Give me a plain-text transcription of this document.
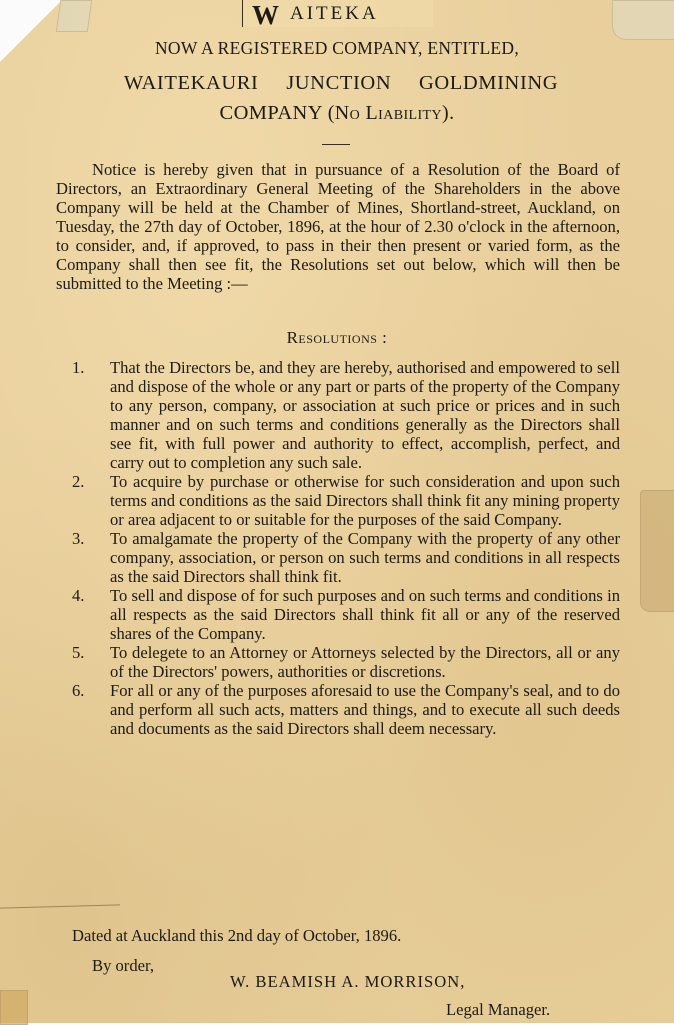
W AITEKA
NOW A REGISTERED COMPANY, ENTITLED,
WAITEKAURI JUNCTION GOLDMINING
COMPANY (No Liability).
Notice is hereby given that in pursuance of a Resolution of the Board of Directors, an Extraordinary General Meeting of the Shareholders in the above Company will be held at the Chamber of Mines, Shortland-street, Auckland, on Tuesday, the 27th day of October, 1896, at the hour of 2.30 o'clock in the afternoon, to consider, and, if approved, to pass in their then present or varied form, as the Company shall then see fit, the Resolutions set out below, which will then be submitted to the Meeting :—
Resolutions :
1.	That the Directors be, and they are hereby, authorised and empowered to sell and dispose of the whole or any part or parts of the property of the Company to any person, company, or association at such price or prices and in such manner and on such terms and conditions generally as the Directors shall see fit, with full power and authority to effect, accomplish, perfect, and carry out to completion any such sale.
2.	To acquire by purchase or otherwise for such consideration and upon such terms and conditions as the said Directors shall think fit any mining property or area adjacent to or suitable for the purposes of the said Company.
3.	To amalgamate the property of the Company with the property of any other company, association, or person on such terms and conditions in all respects as the said Directors shall think fit.
4.	To sell and dispose of for such purposes and on such terms and conditions in all respects as the said Directors shall think fit all or any of the reserved shares of the Company.
5.	To delegete to an Attorney or Attorneys selected by the Directors, all or any of the Directors' powers, authorities or discretions.
6.	For all or any of the purposes aforesaid to use the Company's seal, and to do and perform all such acts, matters and things, and to execute all such deeds and documents as the said Directors shall deem necessary.
Dated at Auckland this 2nd day of October, 1896.
By order,
W. BEAMISH A. MORRISON,
Legal Manager.
